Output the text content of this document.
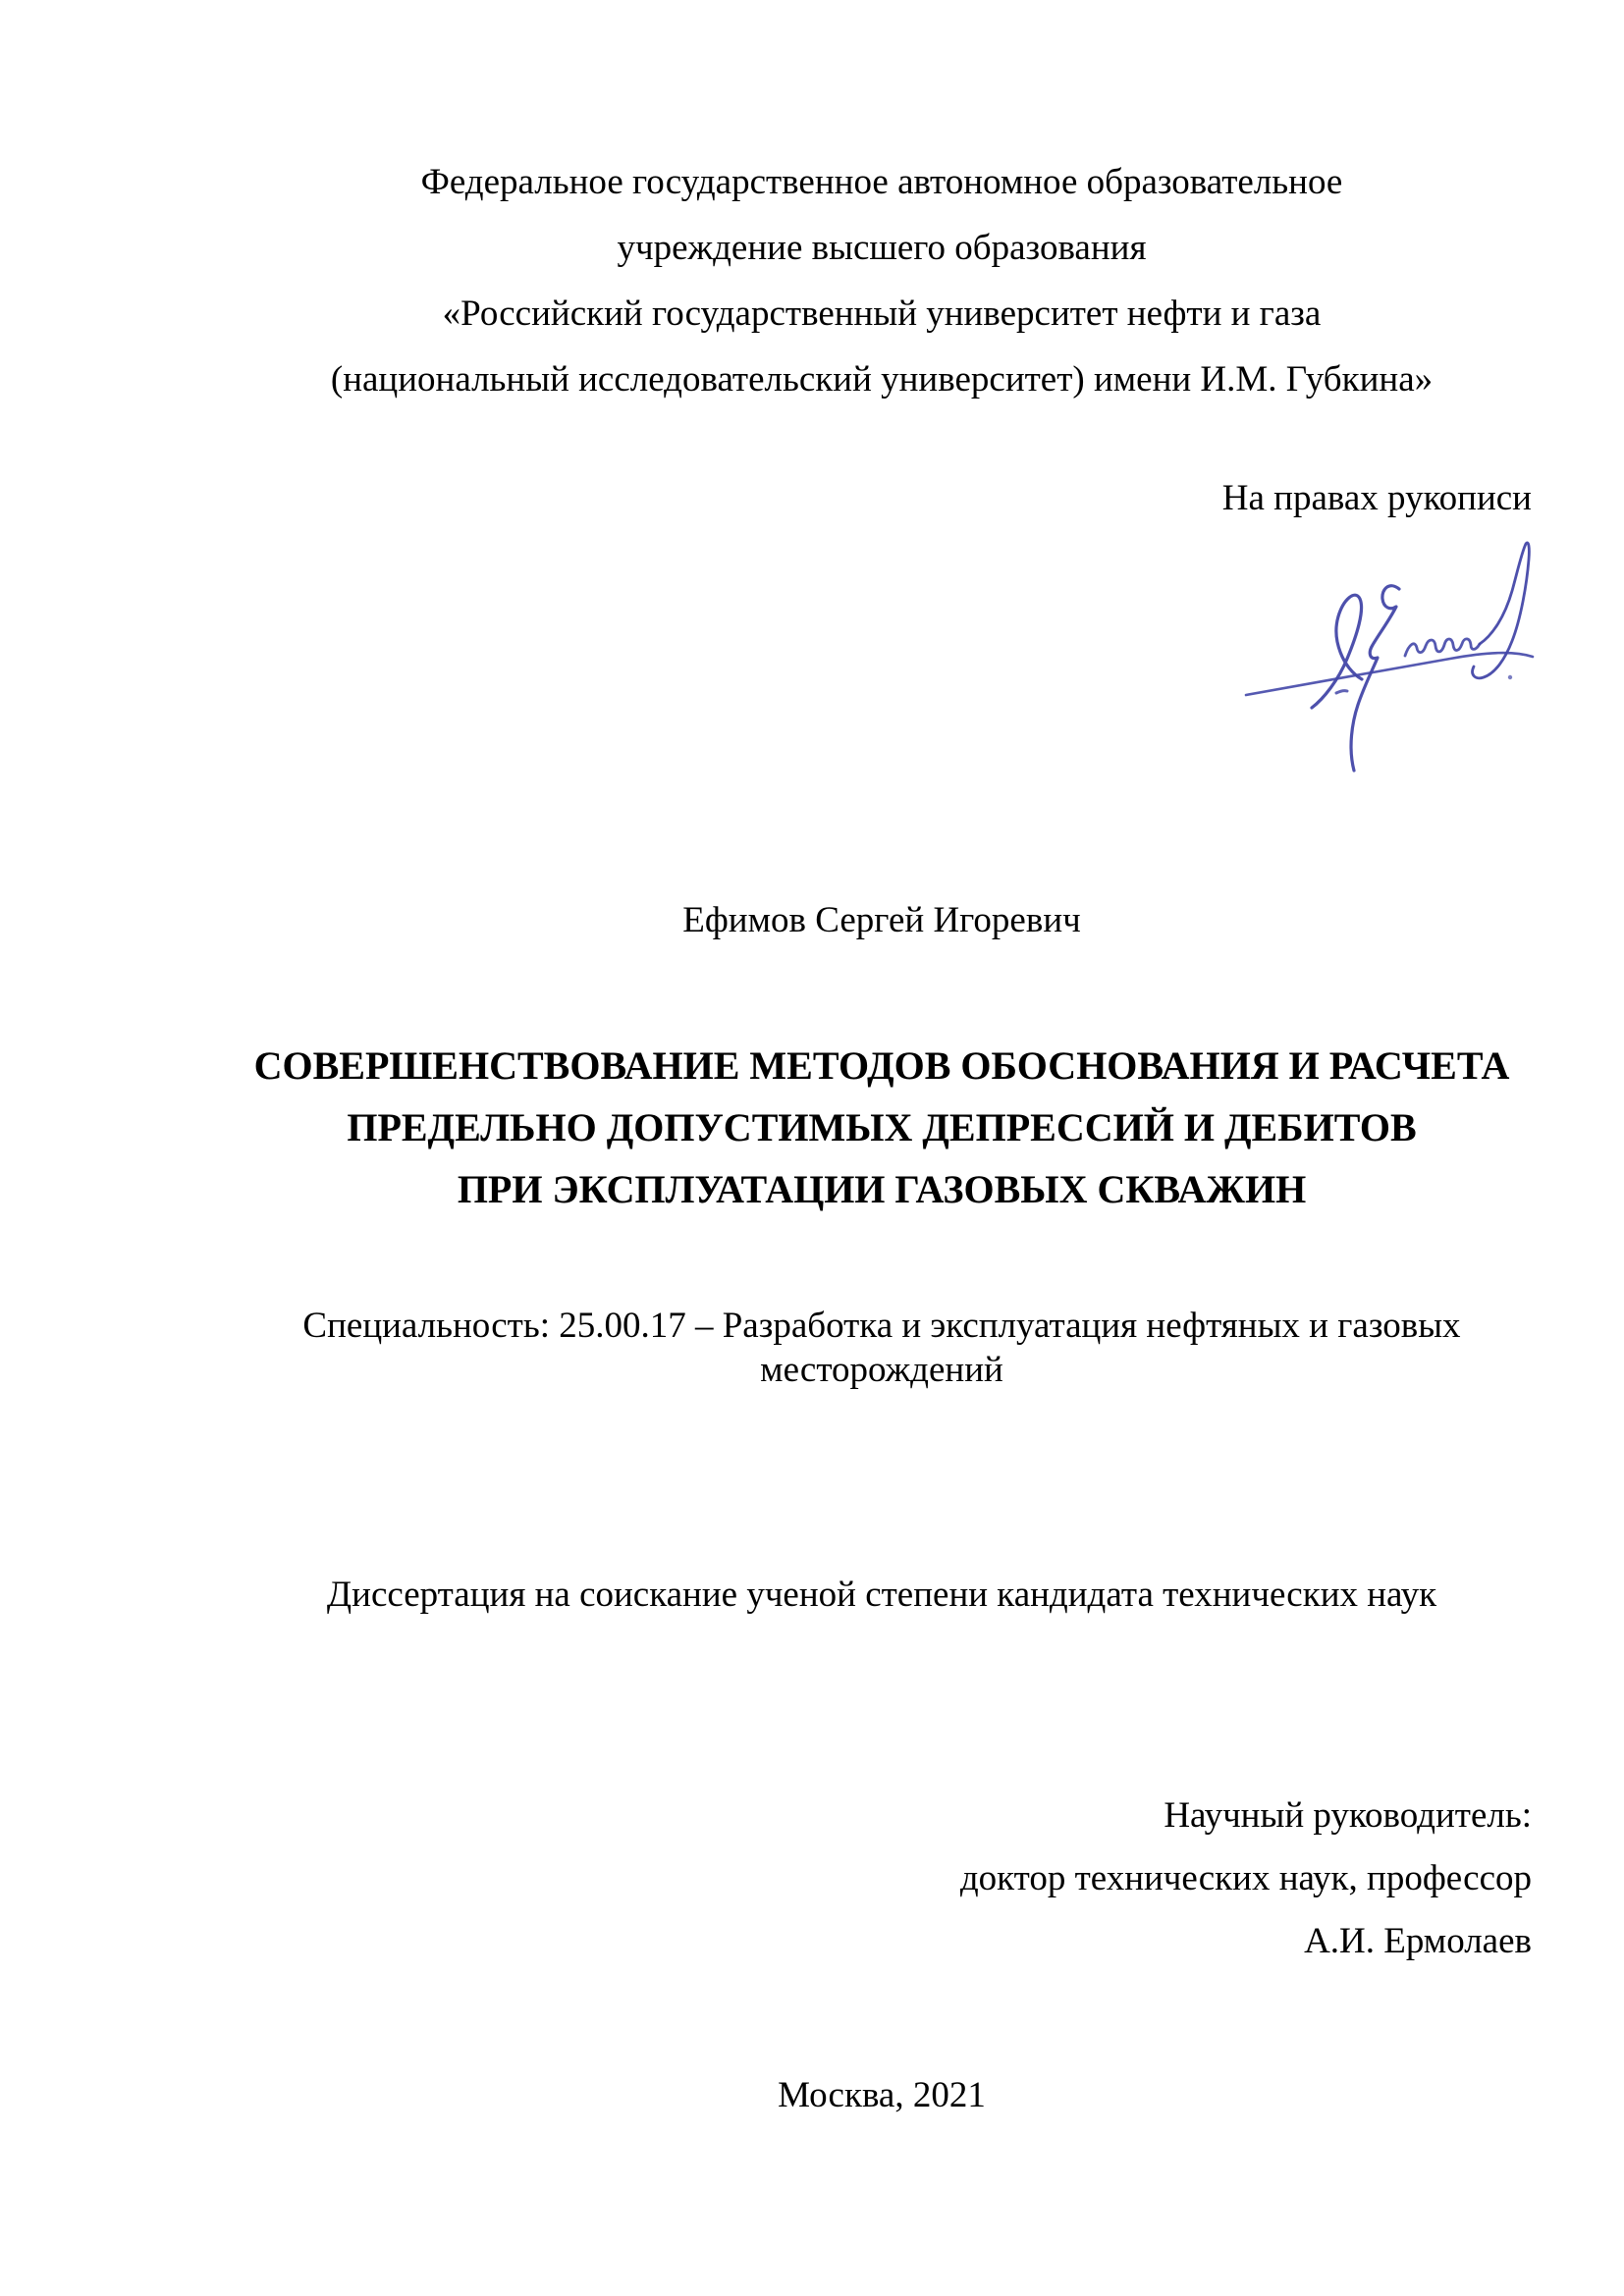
Федеральное государственное автономное образовательное
учреждение высшего образования
«Российский государственный университет нефти и газа
(национальный исследовательский университет) имени И.М. Губкина»
На правах рукописи
Ефимов Сергей Игоревич
СОВЕРШЕНСТВОВАНИЕ МЕТОДОВ ОБОСНОВАНИЯ И РАСЧЕТА
ПРЕДЕЛЬНО ДОПУСТИМЫХ ДЕПРЕССИЙ И ДЕБИТОВ
ПРИ ЭКСПЛУАТАЦИИ ГАЗОВЫХ СКВАЖИН
Специальность: 25.00.17 – Разработка и эксплуатация нефтяных и газовых
месторождений
Диссертация на соискание ученой степени кандидата технических наук
Научный руководитель:
доктор технических наук, профессор
А.И. Ермолаев
Москва, 2021
